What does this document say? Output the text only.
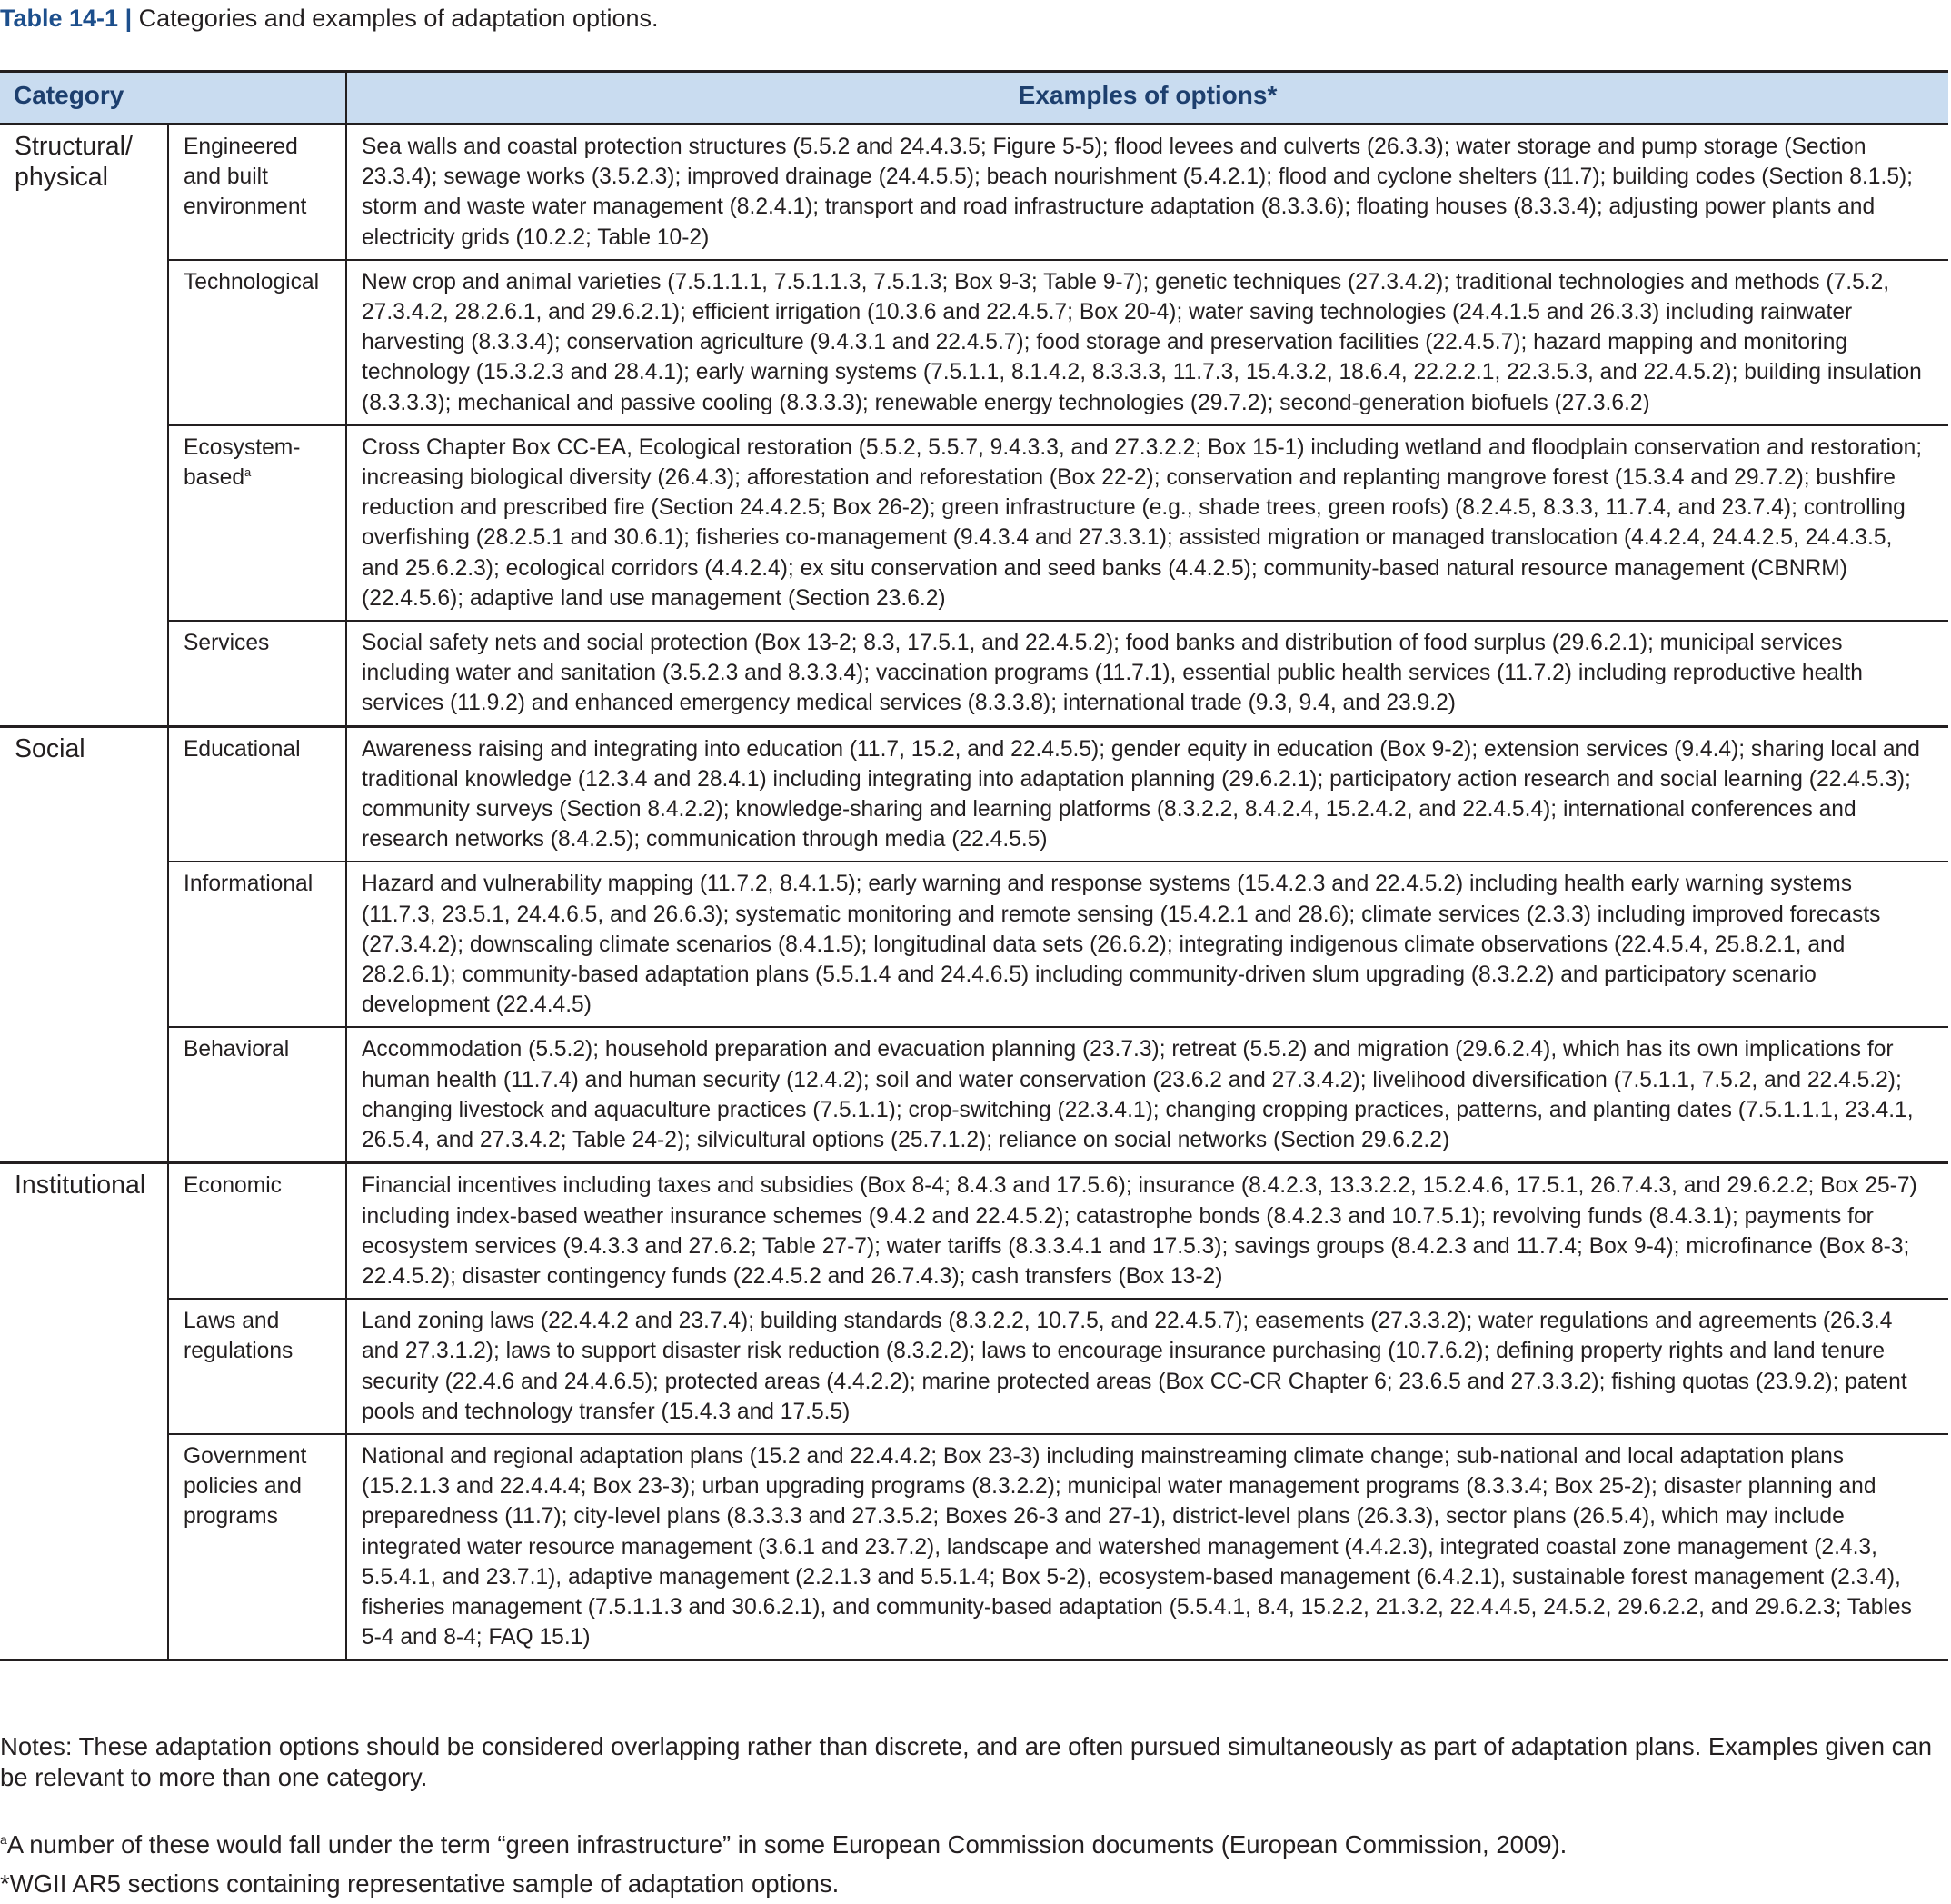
Table 14-1 | Categories and examples of adaptation options.
Category		Examples of options*
Structural/ physical	Engineered and built environment	Sea walls and coastal protection structures (5.5.2 and 24.4.3.5; Figure 5-5); flood levees and culverts (26.3.3); water storage and pump storage (Section 23.3.4); sewage works (3.5.2.3); improved drainage (24.4.5.5); beach nourishment (5.4.2.1); flood and cyclone shelters (11.7); building codes (Section 8.1.5); storm and waste water management (8.2.4.1); transport and road infrastructure adaptation (8.3.3.6); floating houses (8.3.3.4); adjusting power plants and electricity grids (10.2.2; Table 10-2)
	Technological	New crop and animal varieties (7.5.1.1.1, 7.5.1.1.3, 7.5.1.3; Box 9-3; Table 9-7); genetic techniques (27.3.4.2); traditional technologies and methods (7.5.2, 27.3.4.2, 28.2.6.1, and 29.6.2.1); efficient irrigation (10.3.6 and 22.4.5.7; Box 20-4); water saving technologies (24.4.1.5 and 26.3.3) including rainwater harvesting (8.3.3.4); conservation agriculture (9.4.3.1 and 22.4.5.7); food storage and preservation facilities (22.4.5.7); hazard mapping and monitoring technology (15.3.2.3 and 28.4.1); early warning systems (7.5.1.1, 8.1.4.2, 8.3.3.3, 11.7.3, 15.4.3.2, 18.6.4, 22.2.2.1, 22.3.5.3, and 22.4.5.2); building insulation (8.3.3.3); mechanical and passive cooling (8.3.3.3); renewable energy technologies (29.7.2); second-generation biofuels (27.3.6.2)
	Ecosystem-based$^a$	Cross Chapter Box CC-EA, Ecological restoration (5.5.2, 5.5.7, 9.4.3.3, and 27.3.2.2; Box 15-1) including wetland and floodplain conservation and restoration; increasing biological diversity (26.4.3); afforestation and reforestation (Box 22-2); conservation and replanting mangrove forest (15.3.4 and 29.7.2); bushfire reduction and prescribed fire (Section 24.4.2.5; Box 26-2); green infrastructure (e.g., shade trees, green roofs) (8.2.4.5, 8.3.3, 11.7.4, and 23.7.4); controlling overfishing (28.2.5.1 and 30.6.1); fisheries co-management (9.4.3.4 and 27.3.3.1); assisted migration or managed translocation (4.4.2.4, 24.4.2.5, 24.4.3.5, and 25.6.2.3); ecological corridors (4.4.2.4); ex situ conservation and seed banks (4.4.2.5); community-based natural resource management (CBNRM) (22.4.5.6); adaptive land use management (Section 23.6.2)
	Services	Social safety nets and social protection (Box 13-2; 8.3, 17.5.1, and 22.4.5.2); food banks and distribution of food surplus (29.6.2.1); municipal services including water and sanitation (3.5.2.3 and 8.3.3.4); vaccination programs (11.7.1), essential public health services (11.7.2) including reproductive health services (11.9.2) and enhanced emergency medical services (8.3.3.8); international trade (9.3, 9.4, and 23.9.2)
Social	Educational	Awareness raising and integrating into education (11.7, 15.2, and 22.4.5.5); gender equity in education (Box 9-2); extension services (9.4.4); sharing local and traditional knowledge (12.3.4 and 28.4.1) including integrating into adaptation planning (29.6.2.1); participatory action research and social learning (22.4.5.3); community surveys (Section 8.4.2.2); knowledge-sharing and learning platforms (8.3.2.2, 8.4.2.4, 15.2.4.2, and 22.4.5.4); international conferences and research networks (8.4.2.5); communication through media (22.4.5.5)
	Informational	Hazard and vulnerability mapping (11.7.2, 8.4.1.5); early warning and response systems (15.4.2.3 and 22.4.5.2) including health early warning systems (11.7.3, 23.5.1, 24.4.6.5, and 26.6.3); systematic monitoring and remote sensing (15.4.2.1 and 28.6); climate services (2.3.3) including improved forecasts (27.3.4.2); downscaling climate scenarios (8.4.1.5); longitudinal data sets (26.6.2); integrating indigenous climate observations (22.4.5.4, 25.8.2.1, and 28.2.6.1); community-based adaptation plans (5.5.1.4 and 24.4.6.5) including community-driven slum upgrading (8.3.2.2) and participatory scenario development (22.4.4.5)
	Behavioral	Accommodation (5.5.2); household preparation and evacuation planning (23.7.3); retreat (5.5.2) and migration (29.6.2.4), which has its own implications for human health (11.7.4) and human security (12.4.2); soil and water conservation (23.6.2 and 27.3.4.2); livelihood diversification (7.5.1.1, 7.5.2, and 22.4.5.2); changing livestock and aquaculture practices (7.5.1.1); crop-switching (22.3.4.1); changing cropping practices, patterns, and planting dates (7.5.1.1.1, 23.4.1, 26.5.4, and 27.3.4.2; Table 24-2); silvicultural options (25.7.1.2); reliance on social networks (Section 29.6.2.2)
Institutional	Economic	Financial incentives including taxes and subsidies (Box 8-4; 8.4.3 and 17.5.6); insurance (8.4.2.3, 13.3.2.2, 15.2.4.6, 17.5.1, 26.7.4.3, and 29.6.2.2; Box 25-7) including index-based weather insurance schemes (9.4.2 and 22.4.5.2); catastrophe bonds (8.4.2.3 and 10.7.5.1); revolving funds (8.4.3.1); payments for ecosystem services (9.4.3.3 and 27.6.2; Table 27-7); water tariffs (8.3.3.4.1 and 17.5.3); savings groups (8.4.2.3 and 11.7.4; Box 9-4); microfinance (Box 8-3; 22.4.5.2); disaster contingency funds (22.4.5.2 and 26.7.4.3); cash transfers (Box 13-2)
	Laws and regulations	Land zoning laws (22.4.4.2 and 23.7.4); building standards (8.3.2.2, 10.7.5, and 22.4.5.7); easements (27.3.3.2); water regulations and agreements (26.3.4 and 27.3.1.2); laws to support disaster risk reduction (8.3.2.2); laws to encourage insurance purchasing (10.7.6.2); defining property rights and land tenure security (22.4.6 and 24.4.6.5); protected areas (4.4.2.2); marine protected areas (Box CC-CR Chapter 6; 23.6.5 and 27.3.3.2); fishing quotas (23.9.2); patent pools and technology transfer (15.4.3 and 17.5.5)
	Government policies and programs	National and regional adaptation plans (15.2 and 22.4.4.2; Box 23-3) including mainstreaming climate change; sub-national and local adaptation plans (15.2.1.3 and 22.4.4.4; Box 23-3); urban upgrading programs (8.3.2.2); municipal water management programs (8.3.3.4; Box 25-2); disaster planning and preparedness (11.7); city-level plans (8.3.3.3 and 27.3.5.2; Boxes 26-3 and 27-1), district-level plans (26.3.3), sector plans (26.5.4), which may include integrated water resource management (3.6.1 and 23.7.2), landscape and watershed management (4.4.2.3), integrated coastal zone management (2.4.3, 5.5.4.1, and 23.7.1), adaptive management (2.2.1.3 and 5.5.1.4; Box 5-2), ecosystem-based management (6.4.2.1), sustainable forest management (2.3.4), fisheries management (7.5.1.1.3 and 30.6.2.1), and community-based adaptation (5.5.4.1, 8.4, 15.2.2, 21.3.2, 22.4.4.5, 24.5.2, 29.6.2.2, and 29.6.2.3; Tables 5-4 and 8-4; FAQ 15.1)
Notes: These adaptation options should be considered overlapping rather than discrete, and are often pursued simultaneously as part of adaptation plans. Examples given can be relevant to more than one category.
$^a$A number of these would fall under the term “green infrastructure” in some European Commission documents (European Commission, 2009).
*WGII AR5 sections containing representative sample of adaptation options.
